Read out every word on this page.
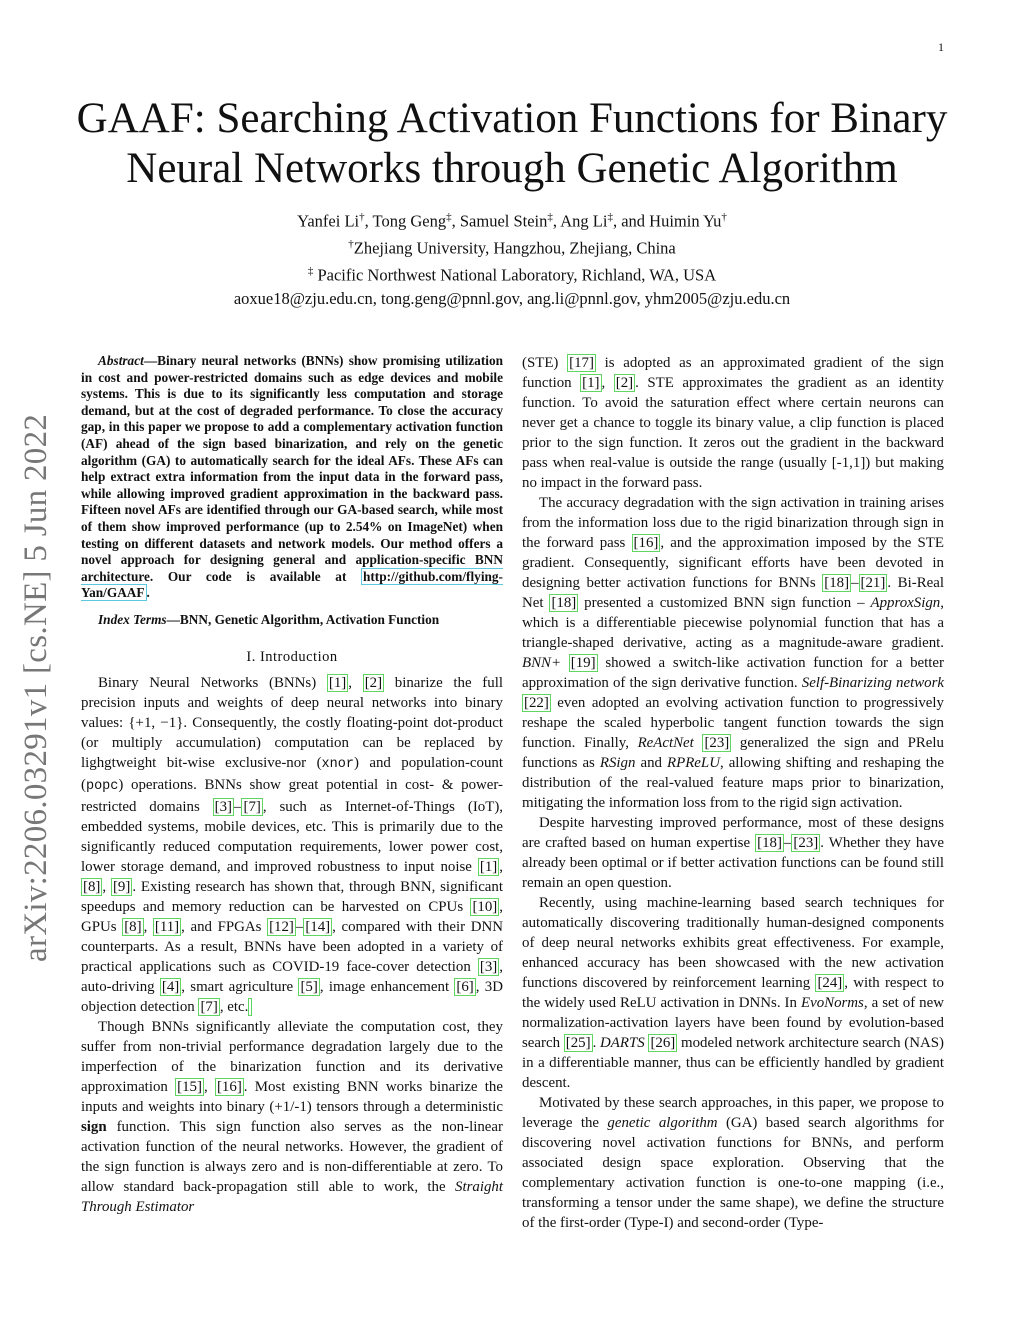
1
arXiv:2206.03291v1 [cs.NE] 5 Jun 2022
GAAF: Searching Activation Functions for Binary
Neural Networks through Genetic Algorithm
Yanfei Li†, Tong Geng‡, Samuel Stein‡, Ang Li‡, and Huimin Yu†
†Zhejiang University, Hangzhou, Zhejiang, China
‡ Pacific Northwest National Laboratory, Richland, WA, USA
aoxue18@zju.edu.cn, tong.geng@pnnl.gov, ang.li@pnnl.gov, yhm2005@zju.edu.cn

Abstract—Binary neural networks (BNNs) show promising utilization in cost and power-restricted domains such as edge devices and mobile systems. This is due to its significantly less computation and storage demand, but at the cost of degraded performance. To close the accuracy gap, in this paper we propose to add a complementary activation function (AF) ahead of the sign based binarization, and rely on the genetic algorithm (GA) to automatically search for the ideal AFs. These AFs can help extract extra information from the input data in the forward pass, while allowing improved gradient approximation in the backward pass. Fifteen novel AFs are identified through our GA-based search, while most of them show improved performance (up to 2.54% on ImageNet) when testing on different datasets and network models. Our method offers a novel approach for designing general and application-specific BNN architecture. Our code is available at http://github.com/flying-Yan/GAAF .

Index Terms—BNN, Genetic Algorithm, Activation Function

I. Introduction

Binary Neural Networks (BNNs) [1] , [2] binarize the full precision inputs and weights of deep neural networks into binary values: {+1, −1}. Consequently, the costly floating-point dot-product (or multiply accumulation) computation can be replaced by lighgtweight bit-wise exclusive-nor (xnor) and population-count (popc) operations. BNNs show great potential in cost- & power-restricted domains [3] – [7] , such as Internet-of-Things (IoT), embedded systems, mobile devices, etc. This is primarily due to the significantly reduced computation requirements, lower power cost, lower storage demand, and improved robustness to input noise [1] , [8] , [9] . Existing research has shown that, through BNN, significant speedups and memory reduction can be harvested on CPUs [10] , GPUs [8] , [11] , and FPGAs [12] – [14] , compared with their DNN counterparts. As a result, BNNs have been adopted in a variety of practical applications such as COVID-19 face-cover detection [3] , auto-driving [4] , smart agriculture [5] , image enhancement [6] , 3D objection detection [7] , etc.

Though BNNs significantly alleviate the computation cost, they suffer from non-trivial performance degradation largely due to the imperfection of the binarization function and its derivative approximation [15] , [16] . Most existing BNN works binarize the inputs and weights into binary (+1/-1) tensors through a deterministic sign function. This sign function also serves as the non-linear activation function of the neural networks. However, the gradient of the sign function is always zero and is non-differentiable at zero. To allow standard back-propagation still able to work, the Straight Through Estimator

(STE) [17] is adopted as an approximated gradient of the sign function [1] , [2] . STE approximates the gradient as an identity function. To avoid the saturation effect where certain neurons can never get a chance to toggle its binary value, a clip function is placed prior to the sign function. It zeros out the gradient in the backward pass when real-value is outside the range (usually [-1,1]) but making no impact in the forward pass.

The accuracy degradation with the sign activation in training arises from the information loss due to the rigid binarization through sign in the forward pass [16] , and the approximation imposed by the STE gradient. Consequently, significant efforts have been devoted in designing better activation functions for BNNs [18] – [21] . Bi-Real Net [18] presented a customized BNN sign function – ApproxSign, which is a differentiable piecewise polynomial function that has a triangle-shaped derivative, acting as a magnitude-aware gradient. BNN+ [19] showed a switch-like activation function for a better approximation of the sign derivative function. Self-Binarizing network [22] even adopted an evolving activation function to progressively reshape the scaled hyperbolic tangent function towards the sign function. Finally, ReActNet [23] generalized the sign and PRelu functions as RSign and RPReLU, allowing shifting and reshaping the distribution of the real-valued feature maps prior to binarization, mitigating the information loss from to the rigid sign activation.

Despite harvesting improved performance, most of these designs are crafted based on human expertise [18] – [23] . Whether they have already been optimal or if better activation functions can be found still remain an open question.

Recently, using machine-learning based search techniques for automatically discovering traditionally human-designed components of deep neural networks exhibits great effectiveness. For example, enhanced accuracy has been showcased with the new activation functions discovered by reinforcement learning [24] , with respect to the widely used ReLU activation in DNNs. In EvoNorms, a set of new normalization-activation layers have been found by evolution-based search [25] . DARTS [26] modeled network architecture search (NAS) in a differentiable manner, thus can be efficiently handled by gradient descent.

Motivated by these search approaches, in this paper, we propose to leverage the genetic algorithm (GA) based search algorithms for discovering novel activation functions for BNNs, and perform associated design space exploration. Observing that the complementary activation function is one-to-one mapping (i.e., transforming a tensor under the same shape), we define the structure of the first-order (Type-I) and second-order (Type-
